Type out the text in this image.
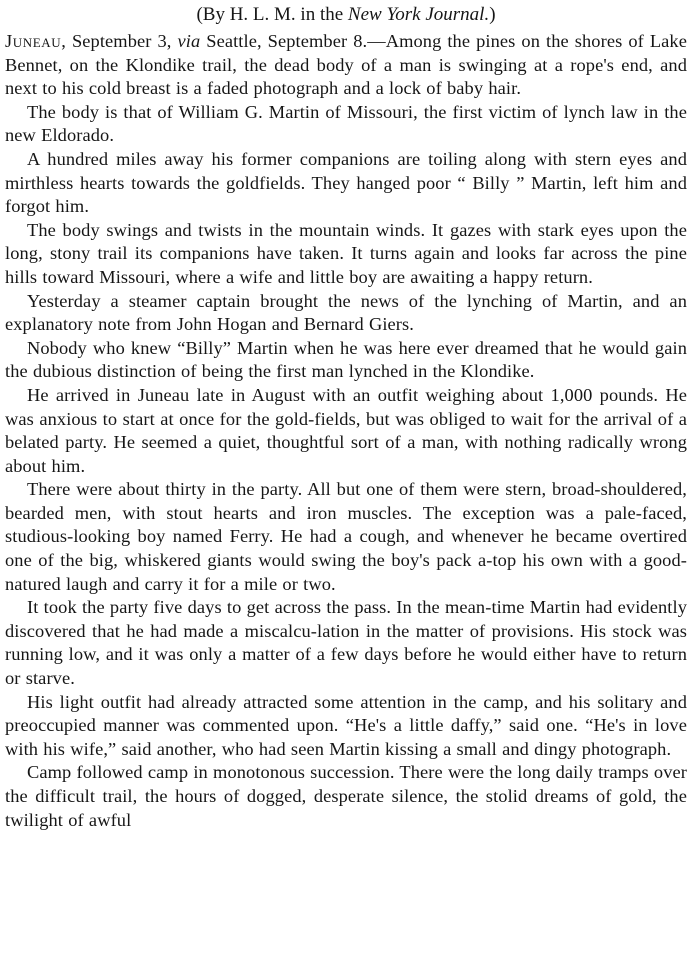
(By H. L. M. in the New York Journal.)

Juneau, September 3, via Seattle, September 8.—Among the pines on the shores of Lake Bennet, on the Klondike trail, the dead body of a man is swinging at a rope's end, and next to his cold breast is a faded photograph and a lock of baby hair.

The body is that of William G. Martin of Missouri, the first victim of lynch law in the new Eldorado.

A hundred miles away his former companions are toiling along with stern eyes and mirthless hearts towards the goldfields. They hanged poor “ Billy ” Martin, left him and forgot him.

The body swings and twists in the mountain winds. It gazes with stark eyes upon the long, stony trail its companions have taken. It turns again and looks far across the pine hills toward Missouri, where a wife and little boy are awaiting a happy return.

Yesterday a steamer captain brought the news of the lynching of Martin, and an explanatory note from John Hogan and Bernard Giers.

Nobody who knew “Billy” Martin when he was here ever dreamed that he would gain the dubious distinction of being the first man lynched in the Klondike.

He arrived in Juneau late in August with an outfit weighing about 1,000 pounds. He was anxious to start at once for the gold-fields, but was obliged to wait for the arrival of a belated party. He seemed a quiet, thoughtful sort of a man, with nothing radically wrong about him.

There were about thirty in the party. All but one of them were stern, broad-shouldered, bearded men, with stout hearts and iron muscles. The exception was a pale-faced, studious-looking boy named Ferry. He had a cough, and whenever he became overtired one of the big, whiskered giants would swing the boy's pack a-top his own with a good-natured laugh and carry it for a mile or two.

It took the party five days to get across the pass. In the mean-time Martin had evidently discovered that he had made a miscalcu-lation in the matter of provisions. His stock was running low, and it was only a matter of a few days before he would either have to return or starve.

His light outfit had already attracted some attention in the camp, and his solitary and preoccupied manner was commented upon. “He's a little daffy,” said one. “He's in love with his wife,” said another, who had seen Martin kissing a small and dingy photograph.

Camp followed camp in monotonous succession. There were the long daily tramps over the difficult trail, the hours of dogged, desperate silence, the stolid dreams of gold, the twilight of awful
